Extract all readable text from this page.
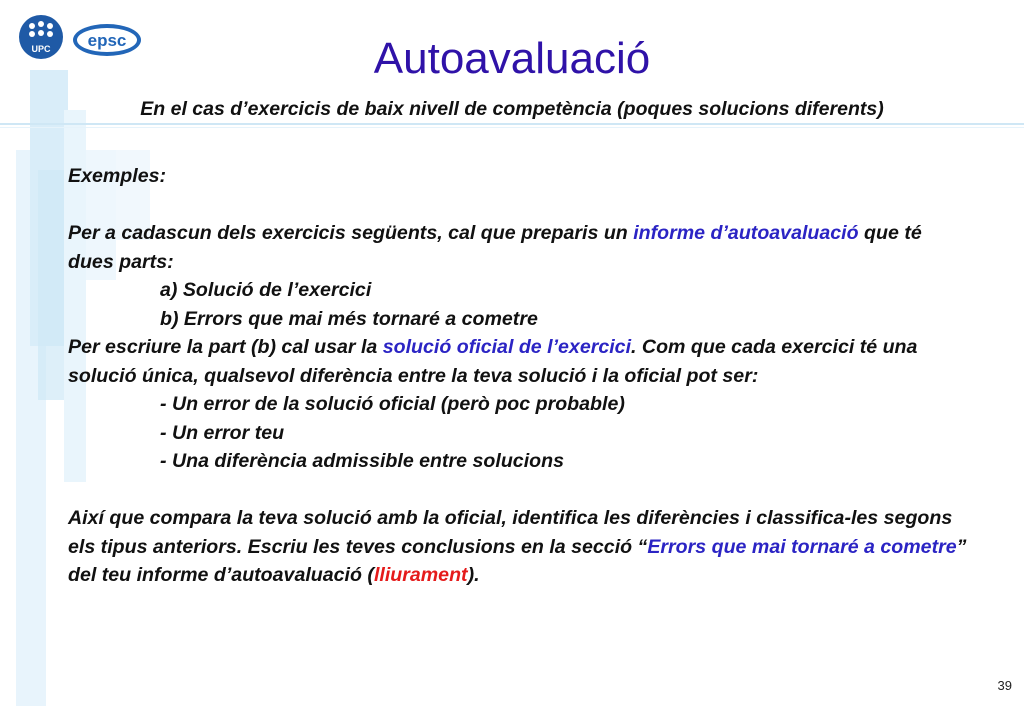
UPC epsc	Autoavaluació
En el cas d’exercicis de baix nivell de competència (poques solucions diferents)

Exemples:

Per a cadascun dels exercicis següents, cal que preparis un informe d’autoavaluació que té dues parts:

a) Solució de l’exercici

b) Errors que mai més tornaré a cometre

Per escriure la part (b) cal usar la solució oficial de l’exercici. Com que cada exercici té una solució única, qualsevol diferència entre la teva solució i la oficial pot ser:

- Un error de la solució oficial (però poc probable)

- Un error teu

- Una diferència admissible entre solucions

Així que compara la teva solució amb la oficial, identifica les diferències i classifica-les segons els tipus anteriors. Escriu les teves conclusions en la secció “Errors que mai tornaré a cometre” del teu informe d’autoavaluació (lliurament).

39
